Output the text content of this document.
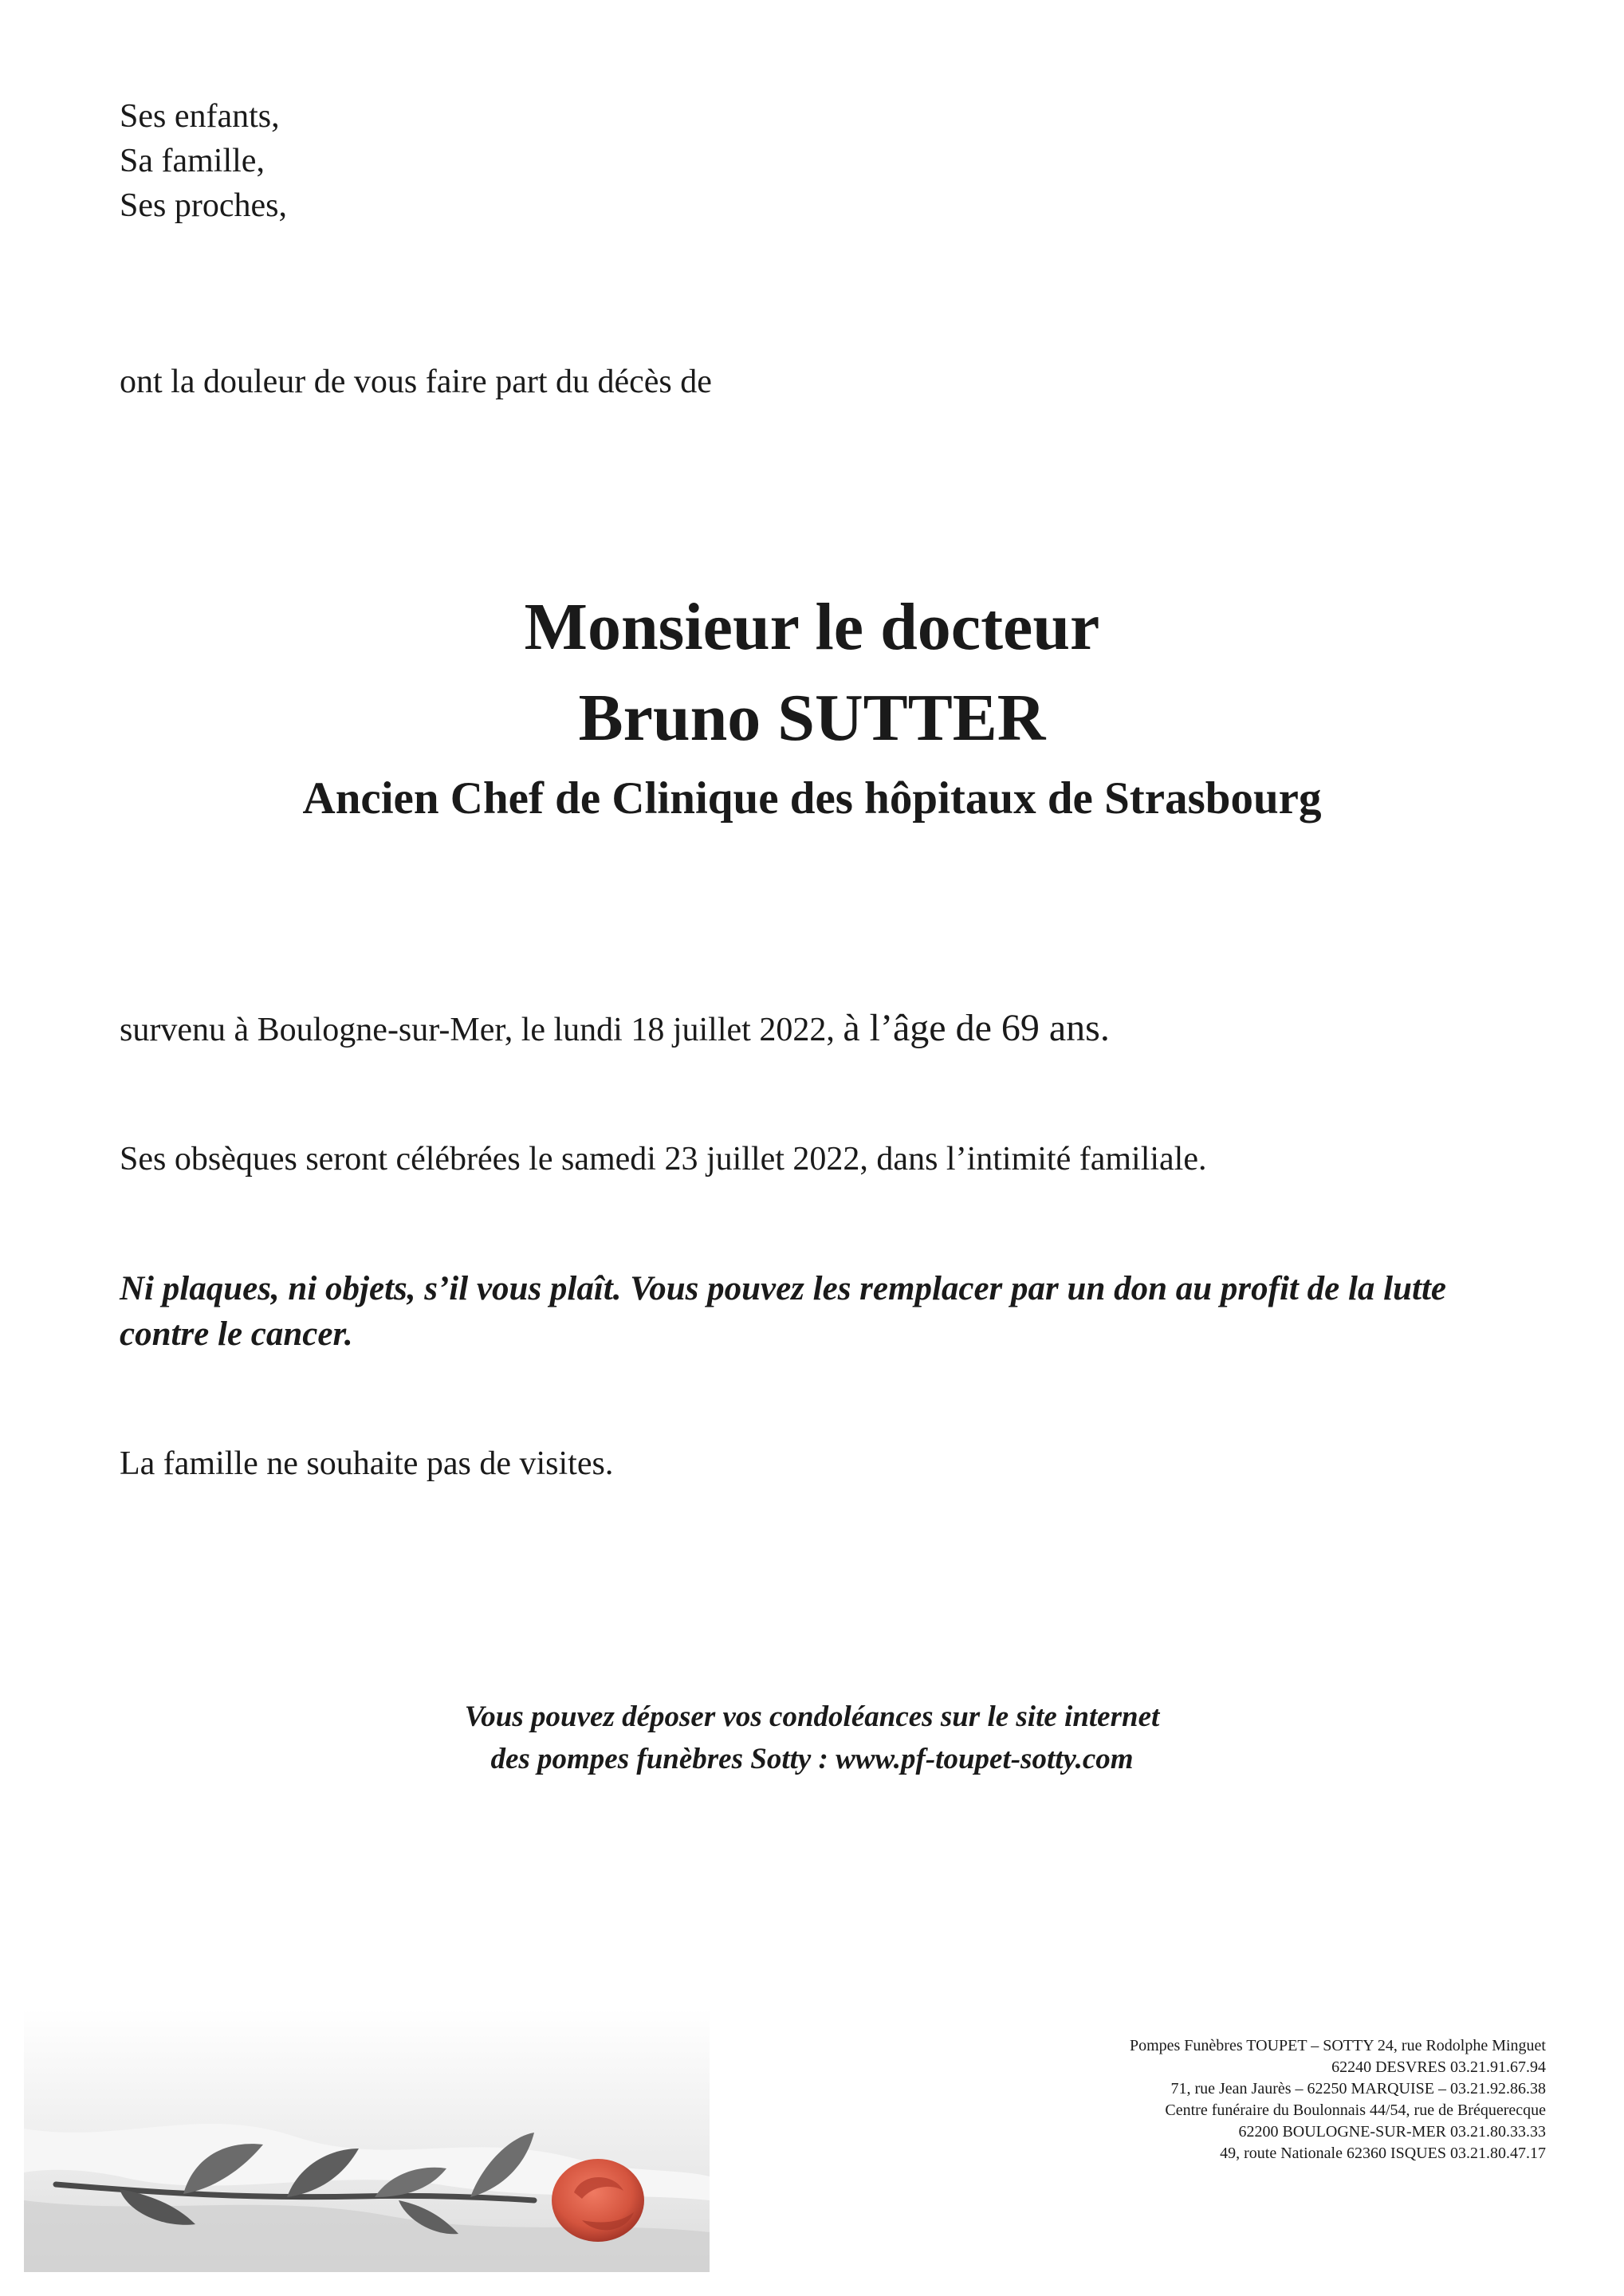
Ses enfants,
Sa famille,
Ses proches,
ont la douleur de vous faire part du décès de
Monsieur le docteur
Bruno SUTTER
Ancien Chef de Clinique des hôpitaux de Strasbourg
survenu à Boulogne-sur-Mer, le lundi 18 juillet 2022, à l’âge de 69 ans.
Ses obsèques seront célébrées le samedi 23 juillet 2022, dans l’intimité familiale.
Ni plaques, ni objets, s’il vous plaît. Vous pouvez les remplacer par un don au profit de la lutte contre le cancer.
La famille ne souhaite pas de visites.
Vous pouvez déposer vos condoléances sur le site internet
des pompes funèbres Sotty : www.pf-toupet-sotty.com
Pompes Funèbres TOUPET – SOTTY 24, rue Rodolphe Minguet
62240 DESVRES 03.21.91.67.94
71, rue Jean Jaurès – 62250 MARQUISE – 03.21.92.86.38
Centre funéraire du Boulonnais 44/54, rue de Bréquerecque
62200 BOULOGNE-SUR-MER 03.21.80.33.33
49, route Nationale 62360 ISQUES 03.21.80.47.17
